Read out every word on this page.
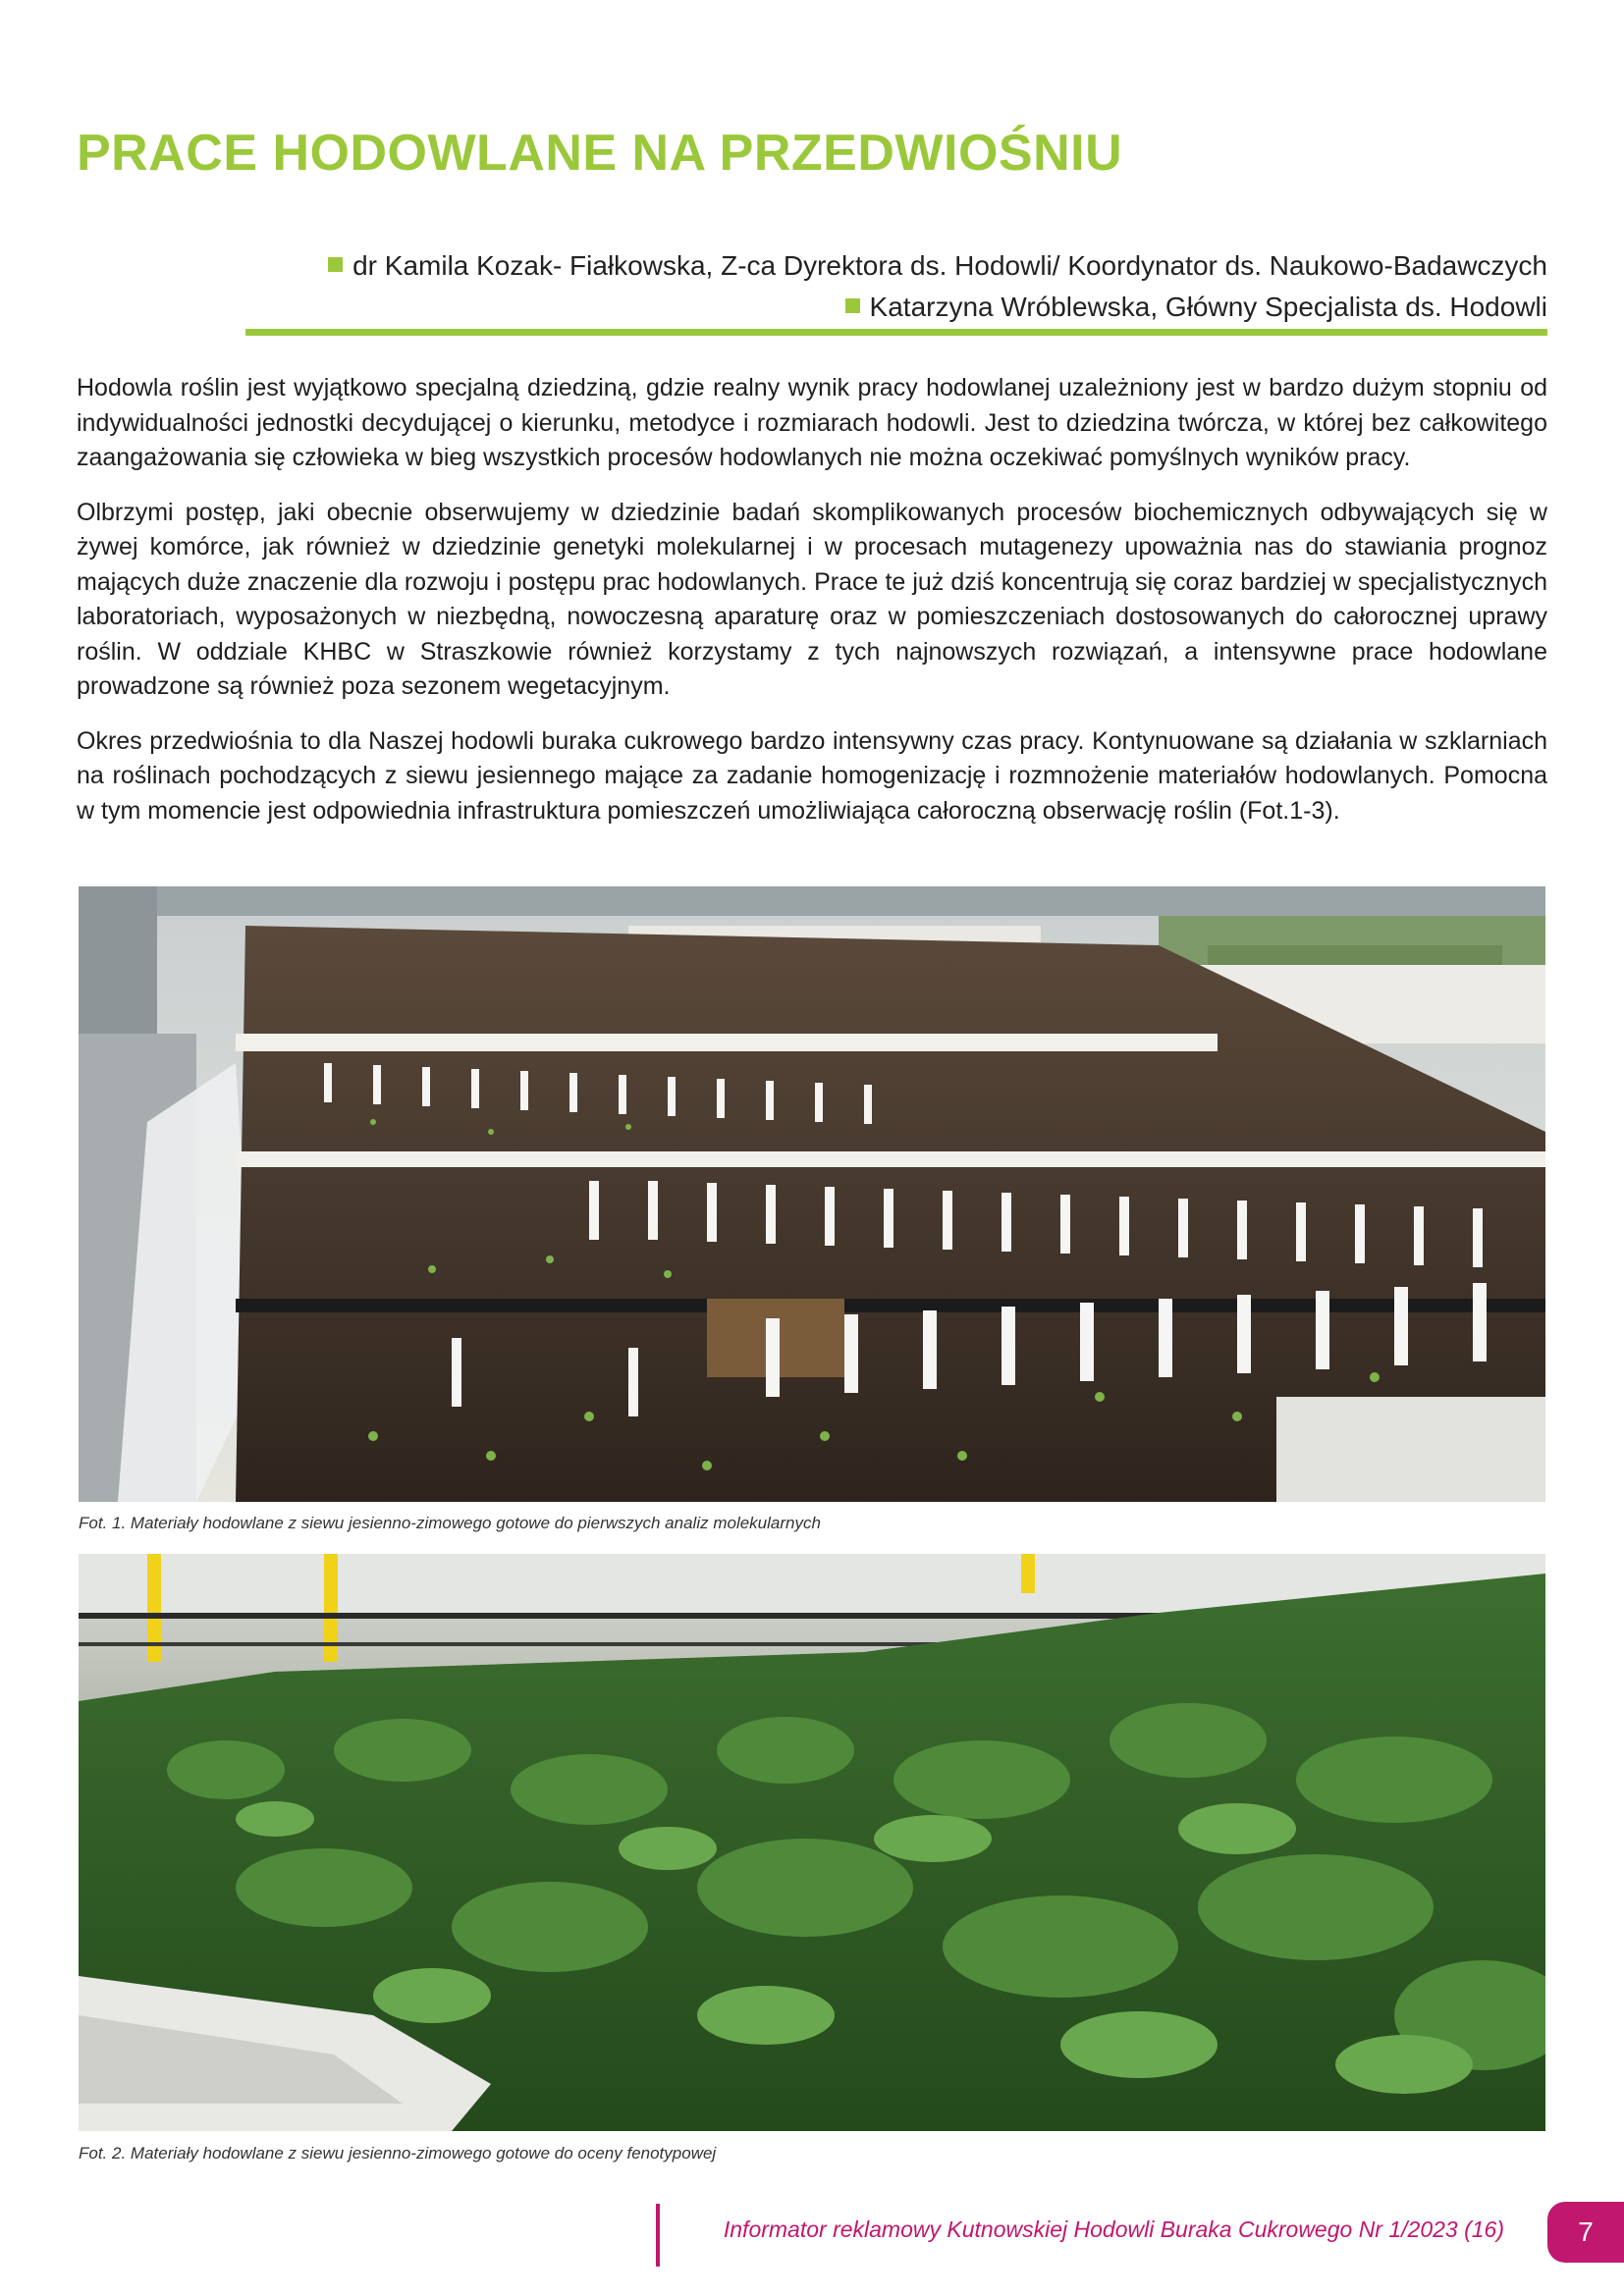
PRACE HODOWLANE NA PRZEDWIOŚNIU
dr Kamila Kozak- Fiałkowska, Z-ca Dyrektora ds. Hodowli/ Koordynator ds. Naukowo-Badawczych
Katarzyna Wróblewska, Główny Specjalista ds. Hodowli

Hodowla roślin jest wyjątkowo specjalną dziedziną, gdzie realny wynik pracy hodowlanej uzależniony jest w bardzo dużym stopniu od indywidualności jednostki decydującej o kierunku, metodyce i rozmiarach hodowli. Jest to dziedzina twórcza, w której bez całkowitego zaangażowania się człowieka w bieg wszystkich procesów hodowlanych nie można oczekiwać pomyślnych wyników pracy.

Olbrzymi postęp, jaki obecnie obserwujemy w dziedzinie badań skomplikowanych procesów biochemicznych odbywających się w żywej komórce, jak również w dziedzinie genetyki molekularnej i w procesach mutagenezy upoważnia nas do stawiania prognoz mających duże znaczenie dla rozwoju i postępu prac hodowlanych. Prace te już dziś koncentrują się coraz bardziej w specjalistycznych laboratoriach, wyposażonych w niezbędną, nowoczesną aparaturę oraz w pomieszczeniach dostosowanych do całorocznej uprawy roślin. W oddziale KHBC w Straszkowie również korzystamy z tych najnowszych rozwiązań, a intensywne prace hodowlane prowadzone są również poza sezonem wegetacyjnym.

Okres przedwiośnia to dla Naszej hodowli buraka cukrowego bardzo intensywny czas pracy. Kontynuowane są działania w szklarniach na roślinach pochodzących z siewu jesiennego mające za zadanie homogenizację i rozmnożenie materiałów hodowlanych. Pomocna w tym momencie jest odpowiednia infrastruktura pomieszczeń umożliwiająca całoroczną obserwację roślin (Fot.1-3).

Fot. 1. Materiały hodowlane z siewu jesienno-zimowego gotowe do pierwszych analiz molekularnych
Fot. 2. Materiały hodowlane z siewu jesienno-zimowego gotowe do oceny fenotypowej
Informator reklamowy Kutnowskiej Hodowli Buraka Cukrowego Nr 1/2023 (16)	7
